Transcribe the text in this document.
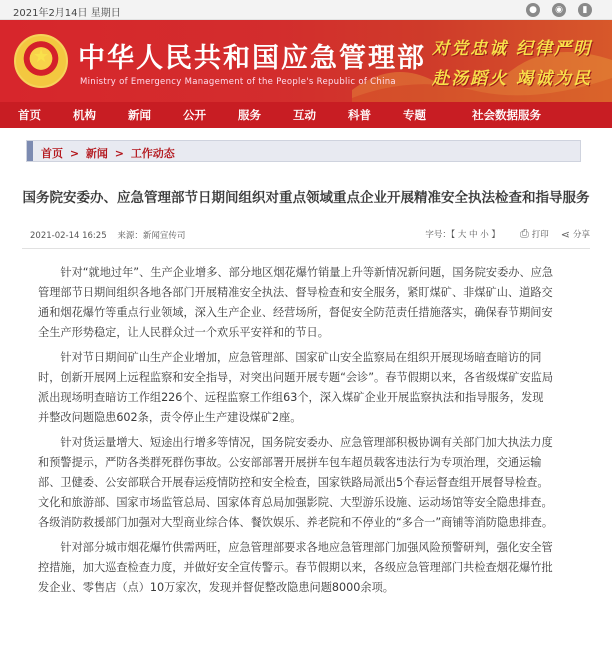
2021年2月14日 星期日	●	◉	▮
★ 中华人民共和国应急管理部
Ministry of Emergency Management of the People's Republic of China
对党忠诚 纪律严明
赴汤蹈火 竭诚为民
首页	机构	新闻	公开	服务	互动	科普	专题	社会数据服务
首页 > 新闻 > 工作动态
国务院安委办、应急管理部节日期间组织对重点领域重点企业开展精准安全执法检查和指导服务
2021-02-14 16:25 来源：新闻宣传司	字号：【 大 中 小 】 ⎙ 打印 ⋖ 分享

针对“就地过年”、生产企业增多、部分地区烟花爆竹销量上升等新情况新问题，国务院安委办、应急管理部节日期间组织各地各部门开展精准安全执法、督导检查和安全服务，紧盯煤矿、非煤矿山、道路交通和烟花爆竹等重点行业领域，深入生产企业、经营场所，督促安全防范责任措施落实，确保春节期间安全生产形势稳定，让人民群众过一个欢乐平安祥和的节日。

针对节日期间矿山生产企业增加，应急管理部、国家矿山安全监察局在组织开展现场暗查暗访的同时，创新开展网上远程监察和安全指导，对突出问题开展专题“会诊”。春节假期以来，各省级煤矿安监局派出现场明查暗访工作组226个、远程监察工作组63个，深入煤矿企业开展监察执法和指导服务，发现并整改问题隐患602条，责令停止生产建设煤矿2座。

针对货运量增大、短途出行增多等情况，国务院安委办、应急管理部积极协调有关部门加大执法力度和预警提示，严防各类群死群伤事故。公安部部署开展拼车包车超员载客违法行为专项治理，交通运输部、卫健委、公安部联合开展春运疫情防控和安全检查，国家铁路局派出5个春运督查组开展督导检查。文化和旅游部、国家市场监管总局、国家体育总局加强影院、大型游乐设施、运动场馆等安全隐患排查。各级消防救援部门加强对大型商业综合体、餐饮娱乐、养老院和不停业的“多合一”商铺等消防隐患排查。

针对部分城市烟花爆竹供需两旺，应急管理部要求各地应急管理部门加强风险预警研判，强化安全管控措施，加大巡查检查力度，并做好安全宣传警示。春节假期以来，各级应急管理部门共检查烟花爆竹批发企业、零售店（点）10万家次，发现并督促整改隐患问题8000余项。
